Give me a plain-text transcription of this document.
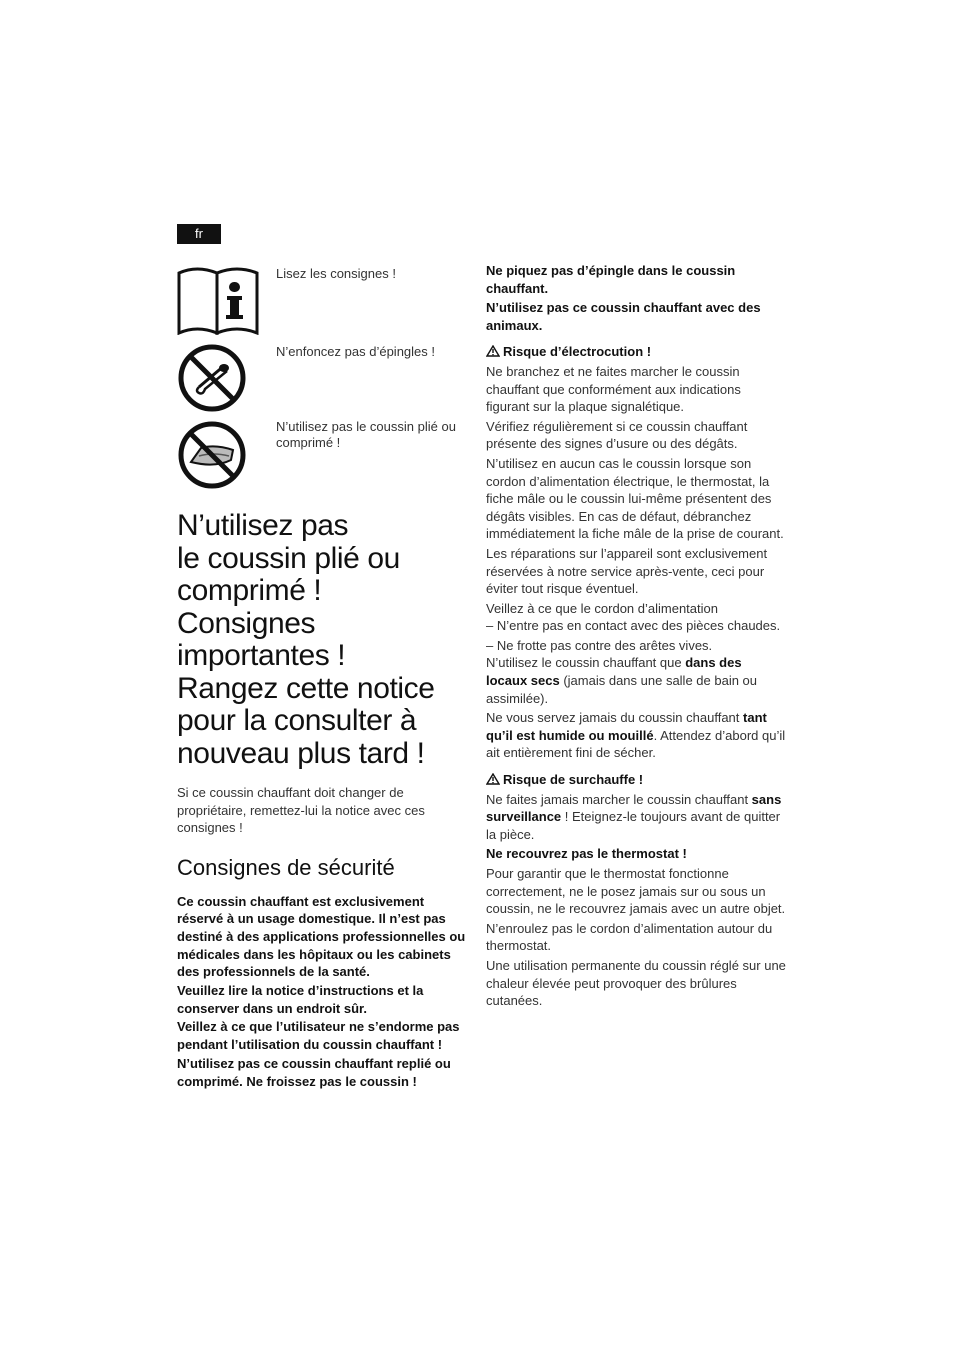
fr
Lisez les consignes !
N’enfoncez pas d’épingles !
N’utilisez pas le coussin plié ou comprimé !
N’utilisez pas
le coussin plié ou
comprimé !
Consignes
importantes !
Rangez cette notice
pour la consulter à
nouveau plus tard !

Si ce coussin chauffant doit changer de propriétaire, remettez-lui la notice avec ces consignes !

Consignes de sécurité

Ce coussin chauffant est exclusivement réservé à un usage domestique. Il n’est pas destiné à des applications professionnelles ou médicales dans les hôpitaux ou les cabinets des professionnels de la santé.

Veuillez lire la notice d’instructions et la conserver dans un endroit sûr.

Veillez à ce que l’utilisateur ne s’endorme pas pendant l’utilisation du coussin chauffant !

N’utilisez pas ce coussin chauffant replié ou comprimé. Ne froissez pas le coussin !

Ne piquez pas d’épingle dans le coussin chauffant.

N’utilisez pas ce coussin chauffant avec des animaux.

Risque d’électrocution !

Ne branchez et ne faites marcher le coussin chauffant que conformément aux indications figurant sur la plaque signalétique.

Vérifiez régulièrement si ce coussin chauffant présente des signes d’usure ou des dégâts.

N’utilisez en aucun cas le coussin lorsque son cordon d’alimentation électrique, le thermostat, la fiche mâle ou le coussin lui-même présentent des dégâts visibles. En cas de défaut, débranchez immédiatement la fiche mâle de la prise de courant.

Les réparations sur l’appareil sont exclusivement réservées à notre service après-vente, ceci pour éviter tout risque éventuel.

Veillez à ce que le cordon d’alimentation

– N’entre pas en contact avec des pièces chaudes.

– Ne frotte pas contre des arêtes vives.

N’utilisez le coussin chauffant que dans des locaux secs (jamais dans une salle de bain ou assimilée).

Ne vous servez jamais du coussin chauffant tant qu’il est humide ou mouillé. Attendez d’abord qu’il ait entièrement fini de sécher.

Risque de surchauffe !

Ne faites jamais marcher le coussin chauffant sans surveillance ! Eteignez-le toujours avant de quitter la pièce.

Ne recouvrez pas le thermostat !

Pour garantir que le thermostat fonctionne correctement, ne le posez jamais sur ou sous un coussin, ne le recouvrez jamais avec un autre objet.

N’enroulez pas le cordon d’alimentation autour du thermostat.

Une utilisation permanente du coussin réglé sur une chaleur élevée peut provoquer des brûlures cutanées.
